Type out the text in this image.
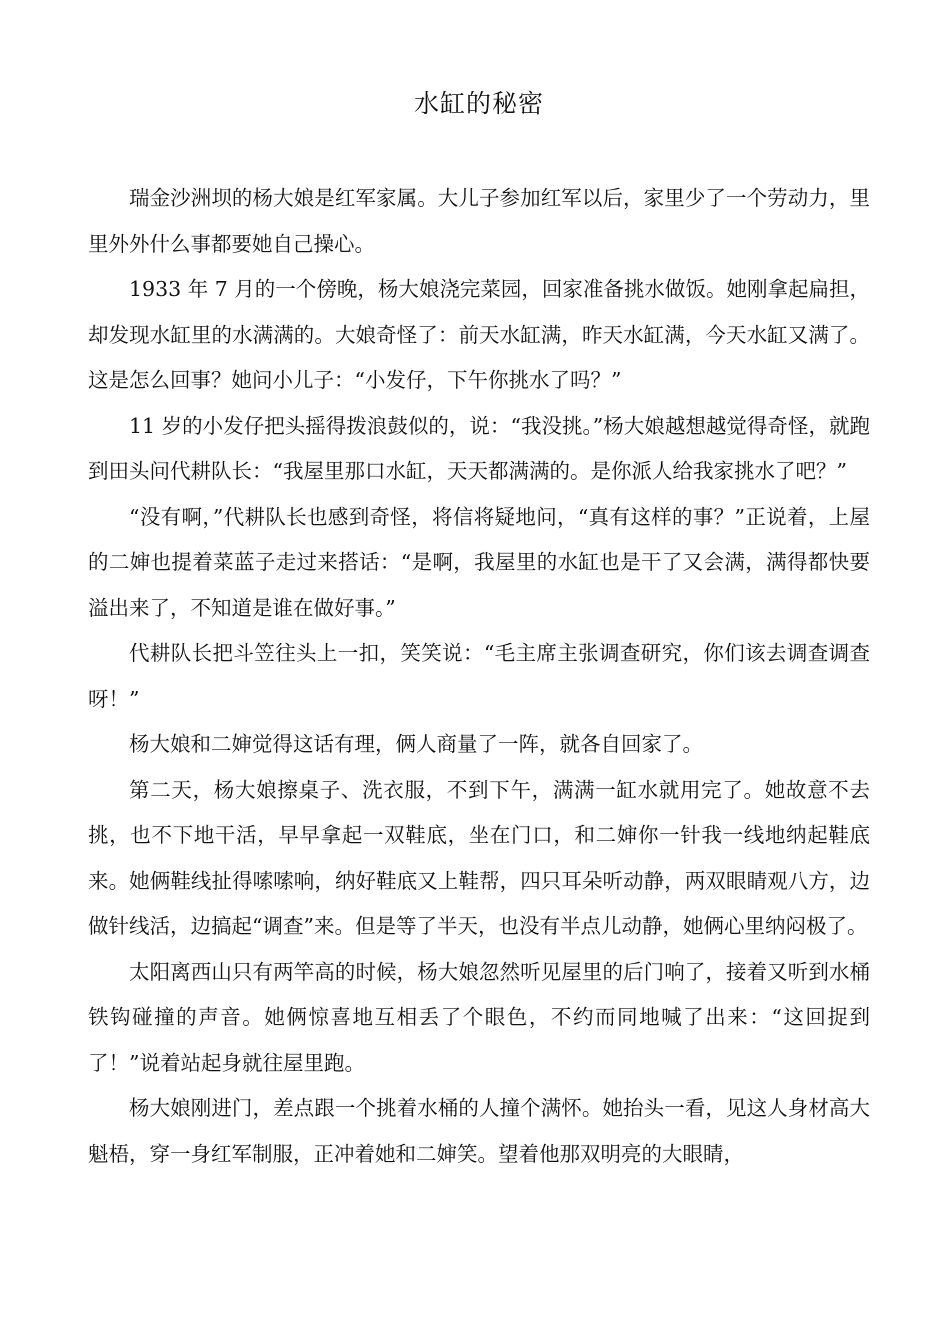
水缸的秘密

瑞金沙洲坝的杨大娘是红军家属。大儿子参加红军以后，家里少了一个劳动力，里里外外什么事都要她自己操心。

1933 年 7 月的一个傍晚，杨大娘浇完菜园，回家准备挑水做饭。她刚拿起扁担，却发现水缸里的水满满的。大娘奇怪了：前天水缸满，昨天水缸满，今天水缸又满了。这是怎么回事？她问小儿子：“小发仔，下午你挑水了吗？”

11 岁的小发仔把头摇得拨浪鼓似的，说：“我没挑。”杨大娘越想越觉得奇怪，就跑到田头问代耕队长：“我屋里那口水缸，天天都满满的。是你派人给我家挑水了吧？”

“没有啊，”代耕队长也感到奇怪，将信将疑地问，“真有这样的事？”正说着，上屋的二婶也提着菜蓝子走过来搭话：“是啊，我屋里的水缸也是干了又会满，满得都快要溢出来了，不知道是谁在做好事。”

代耕队长把斗笠往头上一扣，笑笑说：“毛主席主张调查研究，你们该去调查调查呀！”

杨大娘和二婶觉得这话有理，俩人商量了一阵，就各自回家了。

第二天，杨大娘擦桌子、洗衣服，不到下午，满满一缸水就用完了。她故意不去挑，也不下地干活，早早拿起一双鞋底，坐在门口，和二婶你一针我一线地纳起鞋底来。她俩鞋线扯得嗦嗦响，纳好鞋底又上鞋帮，四只耳朵听动静，两双眼睛观八方，边做针线活，边搞起“调查”来。但是等了半天，也没有半点儿动静，她俩心里纳闷极了。

太阳离西山只有两竿高的时候，杨大娘忽然听见屋里的后门响了，接着又听到水桶铁钩碰撞的声音。她俩惊喜地互相丢了个眼色，不约而同地喊了出来：“这回捉到了！”说着站起身就往屋里跑。

杨大娘刚进门，差点跟一个挑着水桶的人撞个满怀。她抬头一看，见这人身材高大魁梧，穿一身红军制服，正冲着她和二婶笑。望着他那双明亮的大眼睛，
